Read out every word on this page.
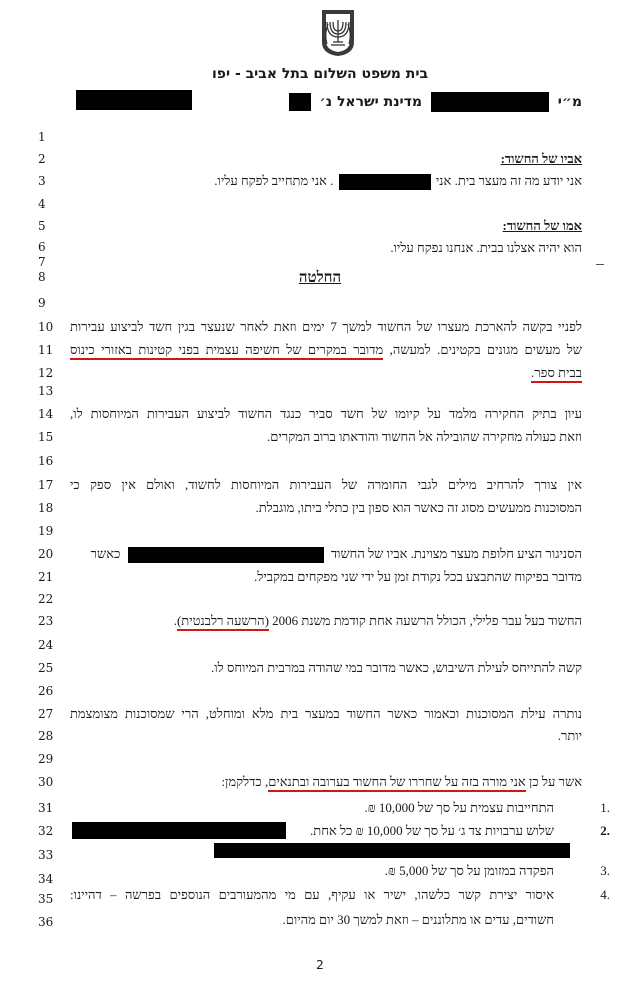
בית משפט השלום בתל אביב - יפו
מ״י  מדינת ישראל נ׳
1
2
3
4
5
6
7
8
9
10
11
12
13
14
15
16
17
18
19
20
21
22
23
24
25
26
27
28
29
30
31
32
33
34
35
36
אביו של החשוד:
אני יודע מה זה מעצר בית. אני  . אני מתחייב לפקח עליו.
אמו של החשוד:
הוא יהיה אצלנו בבית. אנחנו נפקח עליו.
החלטה
לפניי בקשה להארכת מעצרו של החשוד למשך 7 ימים וזאת לאחר שנעצר בגין חשד לביצוע עבירות
של מעשים מגונים בקטינים. למעשה, מדובר במקרים של חשיפה עצמית בפני קטינות באזורי כינוס
בבית ספר.
עיון בתיק החקירה מלמד על קיומו של חשד סביר כנגד החשוד לביצוע העבירות המיוחסות לו,
וזאת כעולה מחקירה שהובילה אל החשוד והודאתו ברוב המקרים.
אין צורך להרחיב מילים לגבי החומרה של העבירות המיוחסות לחשוד, ואולם אין ספק כי
המסוכנות ממעשים מסוג זה כאשר הוא ספון בין כתלי ביתו, מוגבלת.
הסניגור הציע חלופת מעצר מצוינת. אביו של החשוד  כאשר
מדובר בפיקוח שהתבצע בכל נקודת זמן על ידי שני מפקחים במקביל.
החשוד בעל עבר פלילי, הכולל הרשעה אחת קודמת משנת 2006 (הרשעה רלבנטית).
קשה להתייחס לעילת השיבוש, כאשר מדובר במי שהודה במרבית המיוחס לו.
נותרה עילת המסוכנות וכאמור כאשר החשוד במעצר בית מלא ומוחלט, הרי שמסוכנות מצומצמת
יותר.
אשר על כן אני מורה בזה על שחררו של החשוד בערובה ובתנאים, כדלקמן:
1.
התחייבות עצמית על סך של 10,000 ₪.
2.
שלוש ערבויות צד ג׳ על סך של 10,000 ₪ כל אחת.
3.
הפקדה במזומן על סך של 5,000 ₪.
4.
איסור יצירת קשר כלשהו, ישיר או עקיף, עם מי מהמעורבים הנוספים בפרשה – דהיינו:
חשודים, עדים או מתלוננים – וזאת למשך 30 יום מהיום.
2
